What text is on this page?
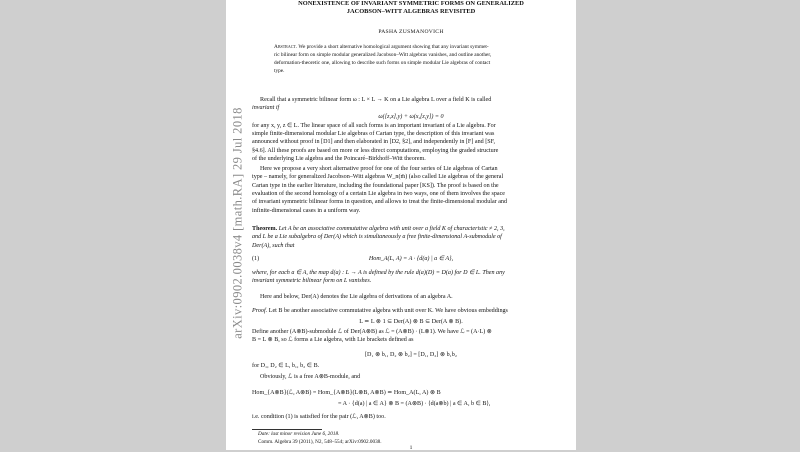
arXiv:0902.0038v4 [math.RA] 29 Jul 2018
NONEXISTENCE OF INVARIANT SYMMETRIC FORMS ON GENERALIZED
JACOBSON–WITT ALGEBRAS REVISITED
PASHA ZUSMANOVICH
Abstract. We provide a short alternative homological argument showing that any invariant symmet-
ric bilinear form on simple modular generalized Jacobson–Witt algebras vanishes, and outline another,
deformation-theoretic one, allowing to describe such forms on simple modular Lie algebras of contact
type.
Recall that a symmetric bilinear form ω : L × L → K on a Lie algebra L over a field K is called
invariant if
ω([z,x],y) + ω(x,[z,y]) = 0
for any x, y, z ∈ L. The linear space of all such forms is an important invariant of a Lie algebra. For
simple finite-dimensional modular Lie algebras of Cartan type, the description of this invariant was
announced without proof in [D1] and then elaborated in [D2, §2], and independently in [F] and [SF,
§4.6]. All these proofs are based on more or less direct computations, employing the graded structure
of the underlying Lie algebra and the Poincaré–Birkhoff–Witt theorem.
Here we propose a very short alternative proof for one of the four series of Lie algebras of Cartan
type – namely, for generalized Jacobson–Witt algebras W_n(m̄) (also called Lie algebras of the general
Cartan type in the earlier literature, including the foundational paper [KS]). The proof is based on the
evaluation of the second homology of a certain Lie algebra in two ways, one of them involves the space
of invariant symmetric bilinear forms in question, and allows to treat the finite-dimensional modular and
infinite-dimensional cases in a uniform way.
Theorem. Let A be an associative commutative algebra with unit over a field K of characteristic ≠ 2, 3,
and L be a Lie subalgebra of Der(A) which is simultaneously a free finite-dimensional A-submodule of
Der(A), such that
(1)	Hom_A(L, A) = A · {d(a) | a ∈ A},
where, for each a ∈ A, the map d(a) : L → A is defined by the rule d(a)(D) = D(a) for D ∈ L. Then any
invariant symmetric bilinear form on L vanishes.
Here and below, Der(A) denotes the Lie algebra of derivations of an algebra A.
Proof. Let B be another associative commutative algebra with unit over K. We have obvious embeddings
L ≃ L ⊗ 1 ⊆ Der(A) ⊗ B ⊆ Der(A ⊗ B).
Define another (A⊗B)-submodule ℒ of Der(A⊗B) as ℒ = (A⊗B) · (L⊗1). We have ℒ = (A·L) ⊗
B = L ⊗ B, so ℒ forms a Lie algebra, with Lie brackets defined as
[D₁ ⊗ b₁, D₂ ⊗ b₂] = [D₁, D₂] ⊗ b₁b₂
for D₁, D₂ ∈ L, b₁, b₂ ∈ B.
Obviously, ℒ is a free A⊗B-module, and
Hom_{A⊗B}(ℒ, A⊗B) = Hom_{A⊗B}(L⊗B, A⊗B) ≃ Hom_A(L, A) ⊗ B
= A · {d(a) | a ∈ A} ⊗ B = (A⊗B) · ⟨d(a⊗b) | a ∈ A, b ∈ B⟩,
i.e. condition (1) is satisfied for the pair (ℒ, A⊗B) too.
Date: last minor revision June 6, 2018.
Comm. Algebra 39 (2011), N2, 548–554; arXiv:0902.0038.
1
